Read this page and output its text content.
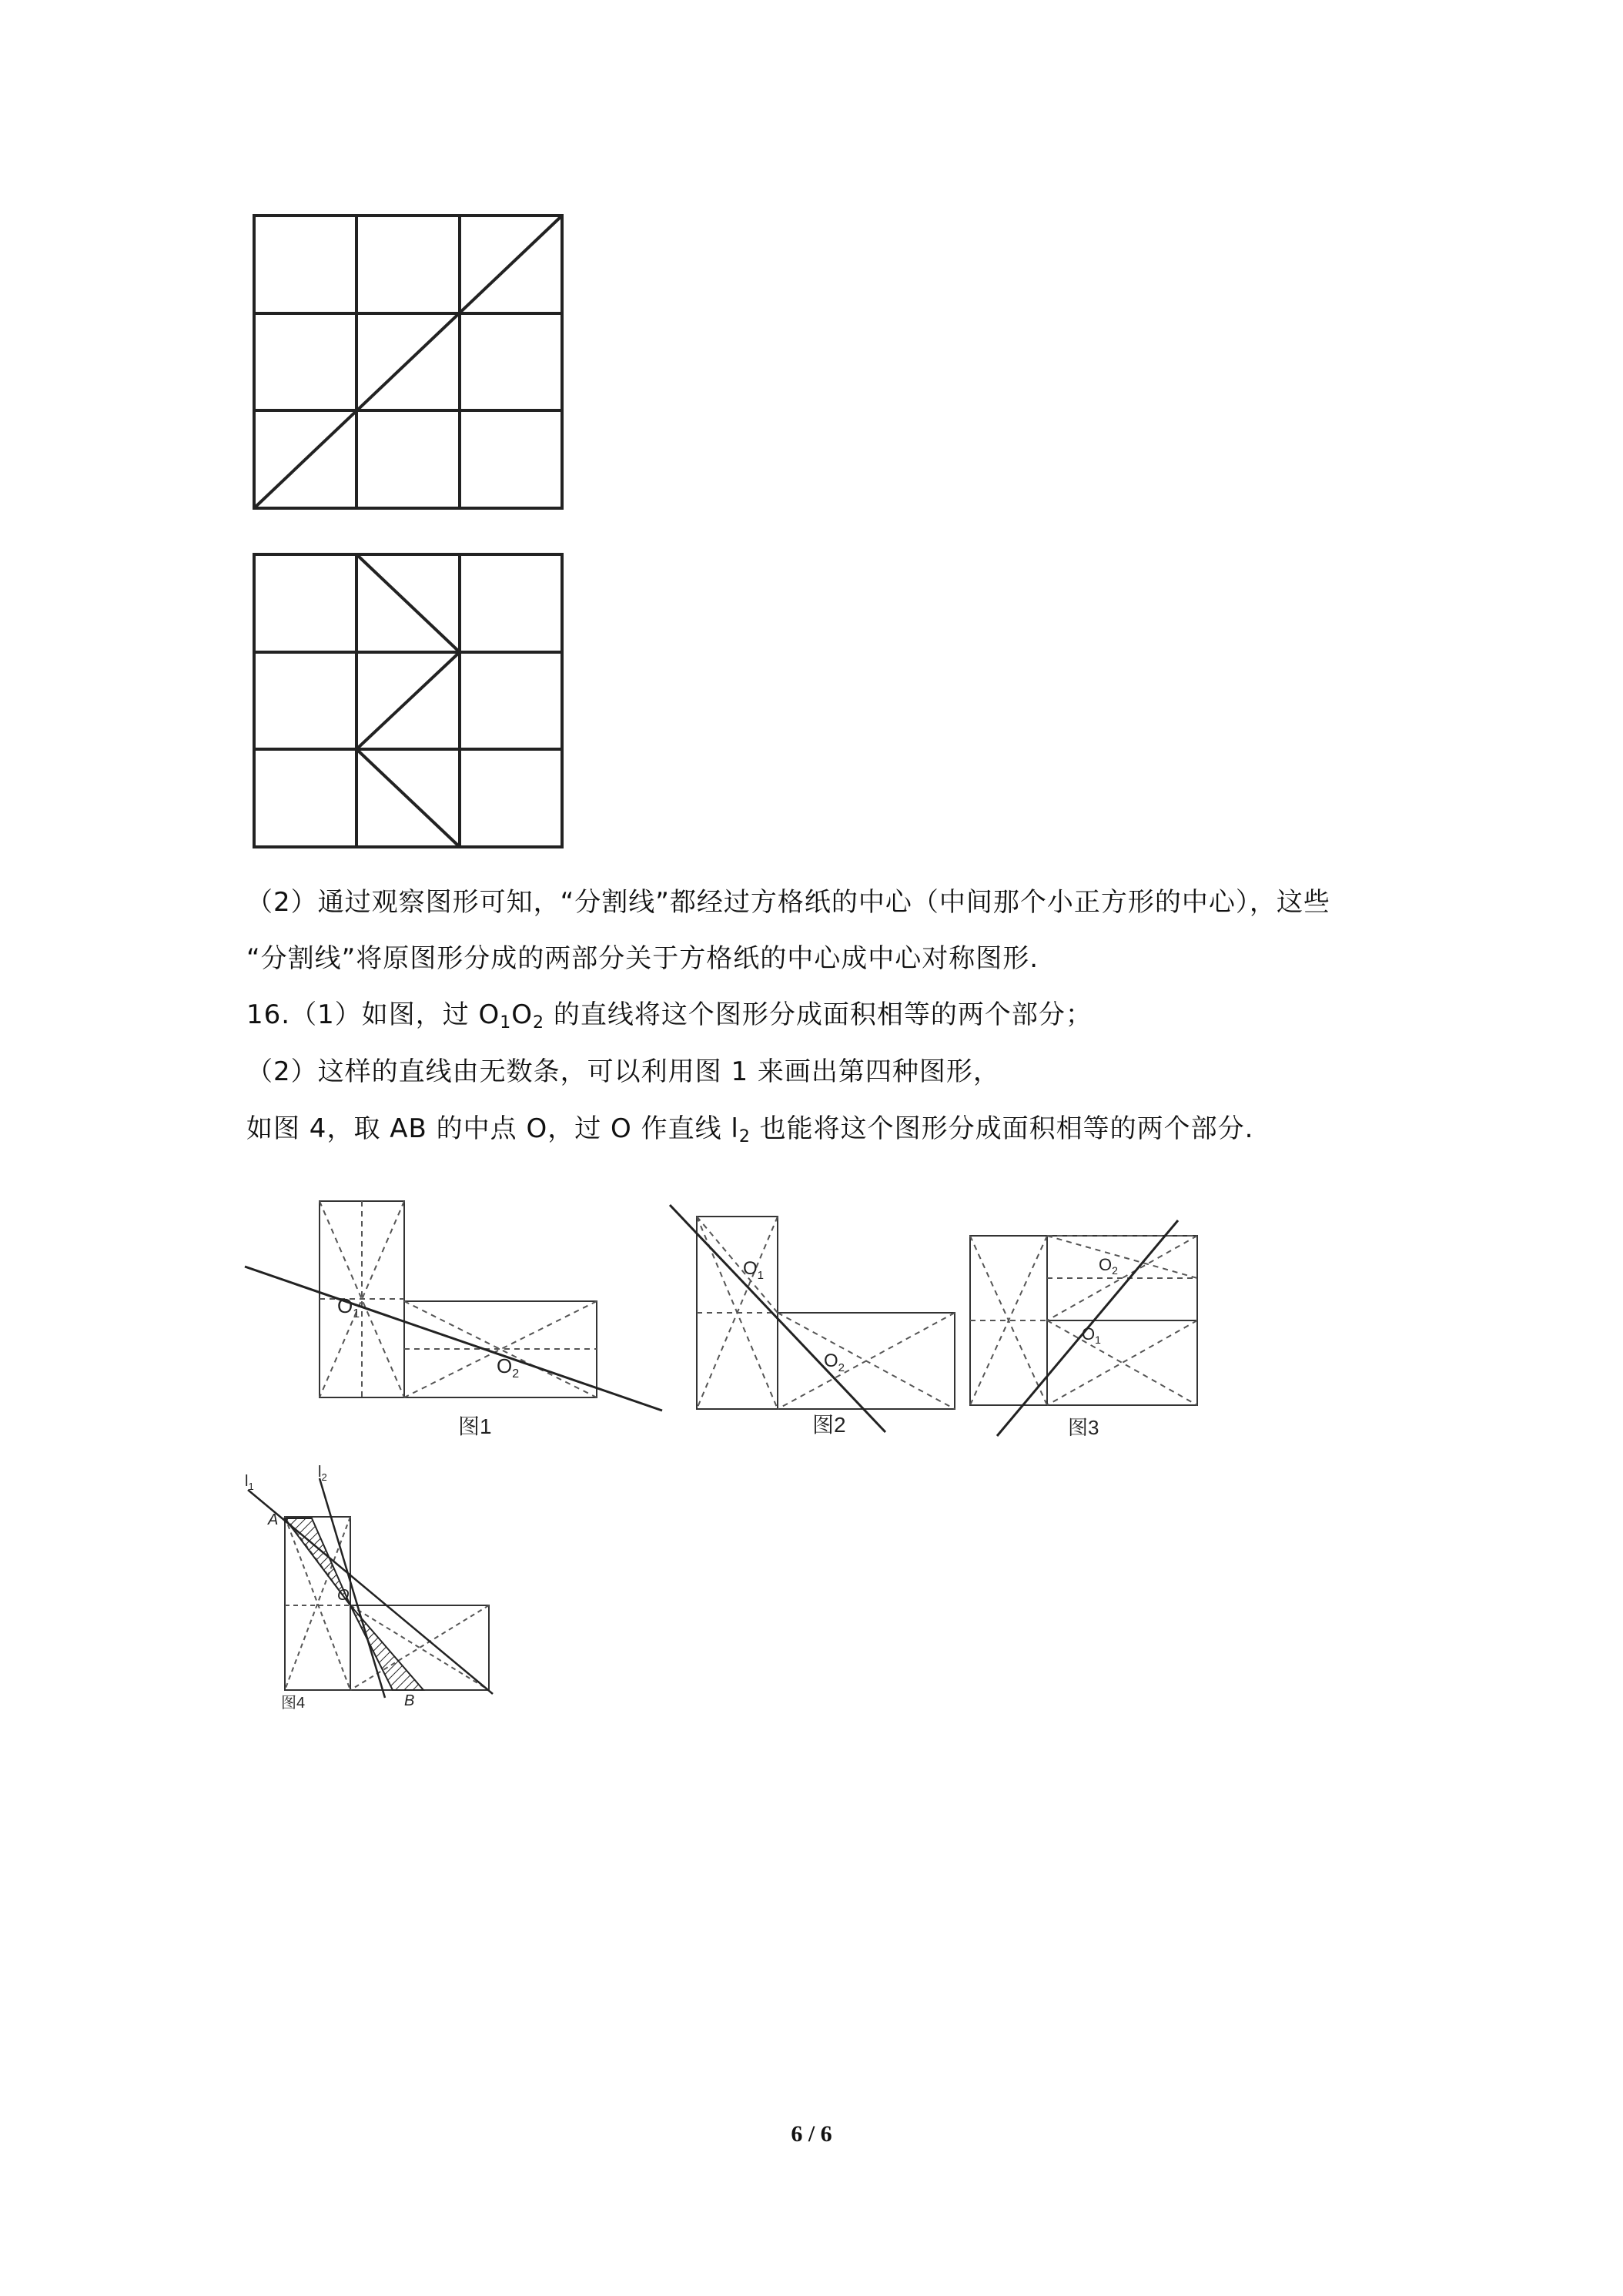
（2）通过观察图形可知，“分割线”都经过方格纸的中心（中间那个小正方形的中心），这些
“分割线”将原图形分成的两部分关于方格纸的中心成中心对称图形.
16.（1）如图，过 $O_1O_2$ 的直线将这个图形分成面积相等的两个部分；
（2）这样的直线由无数条，可以利用图 1 来画出第四种图形，
如图 4，取 AB 的中点 O，过 O 作直线 $l_2$ 也能将这个图形分成面积相等的两个部分.
$O_1$
$O_2$
图1
$O_1$
$O_2$
图2
$O_2$
$O_1$
图3
$l_1$
$l_2$
A
O
B
图4
6 / 6
